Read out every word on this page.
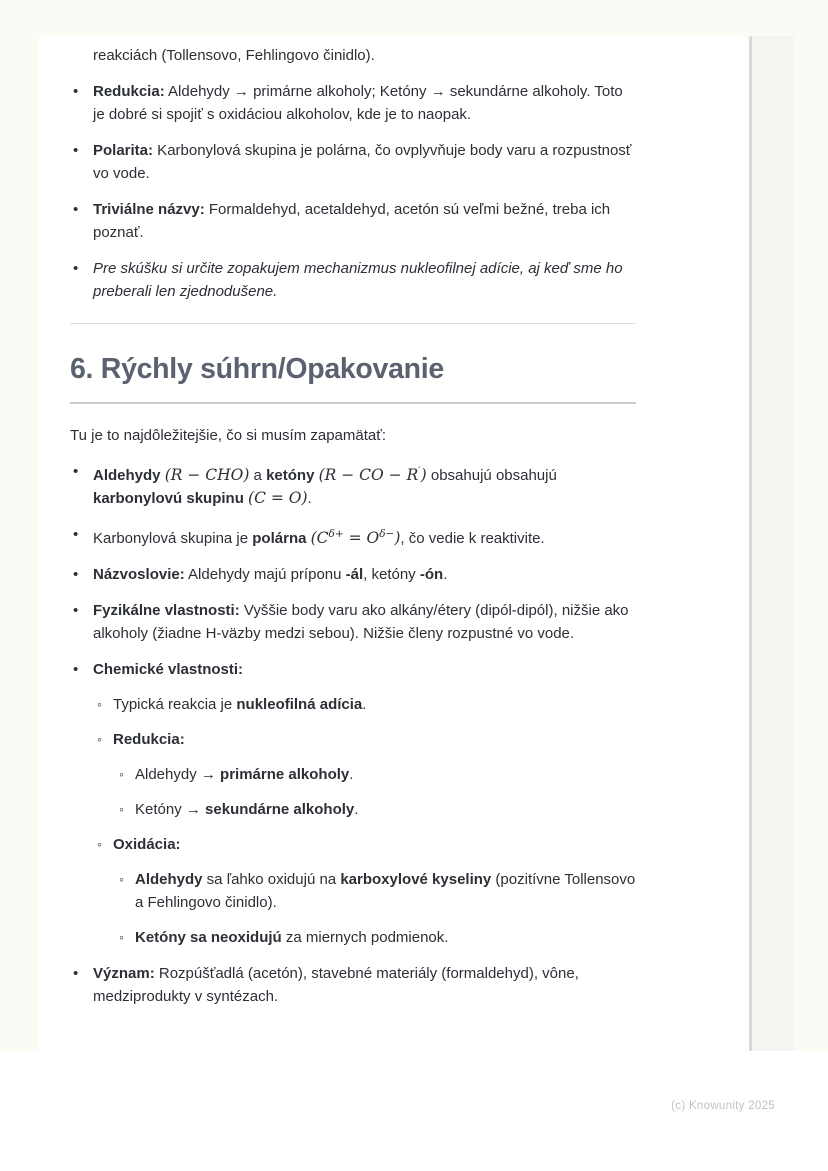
reakciách (Tollensovo, Fehlingovo činidlo).
• Redukcia: Aldehydy → primárne alkoholy; Ketóny → sekundárne alkoholy. Toto je dobré si spojiť s oxidáciou alkoholov, kde je to naopak.
• Polarita: Karbonylová skupina je polárna, čo ovplyvňuje body varu a rozpustnosť vo vode.
• Triviálne názvy: Formaldehyd, acetaldehyd, acetón sú veľmi bežné, treba ich poznať.
• Pre skúšku si určite zopakujem mechanizmus nukleofilnej adície, aj keď sme ho preberali len zjednodušene.
6. Rýchly súhrn/Opakovanie
Tu je to najdôležitejšie, čo si musím zapamätať:
• Aldehydy (R − CHO) a ketóny (R − CO − R′) obsahujú obsahujú karbonylovú skupinu (C = O).
• Karbonylová skupina je polárna $(C^{\delta+} = O^{\delta-})$, čo vedie k reaktivite.
• Názvoslovie: Aldehydy majú príponu -ál, ketóny -ón.
• Fyzikálne vlastnosti: Vyššie body varu ako alkány/étery (dipól-dipól), nižšie ako alkoholy (žiadne H-väzby medzi sebou). Nižšie členy rozpustné vo vode.
• Chemické vlastnosti:
◦ Typická reakcia je nukleofilná adícia.
◦ Redukcia:
◦ Aldehydy → primárne alkoholy.
◦ Ketóny → sekundárne alkoholy.
◦ Oxidácia:
◦ Aldehydy sa ľahko oxidujú na karboxylové kyseliny (pozitívne Tollensovo a Fehlingovo činidlo).
◦ Ketóny sa neoxidujú za miernych podmienok.
• Význam: Rozpúšťadlá (acetón), stavebné materiály (formaldehyd), vône, medziprodukty v syntézach.
(c) Knowunity 2025
